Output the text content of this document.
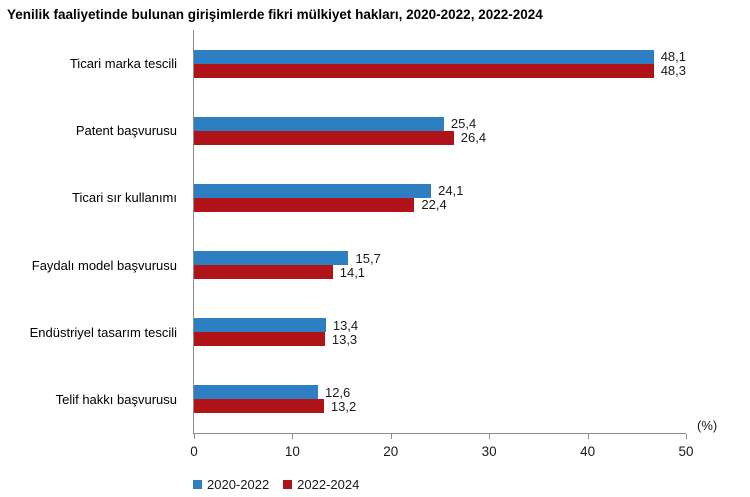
Yenilik faaliyetinde bulunan girişimlerde fikri mülkiyet hakları, 2020-2022, 2022-2024
Ticari marka tescili
Patent başvurusu
Ticari sır kullanımı
Faydalı model başvurusu
Endüstriyel tasarım tescili
Telif hakkı başvurusu
48,1
48,3
25,4
26,4
24,1
22,4
15,7
14,1
13,4
13,3
12,6
13,2
0	10	20	30	40	50
(%)
2020-2022 2022-2024
